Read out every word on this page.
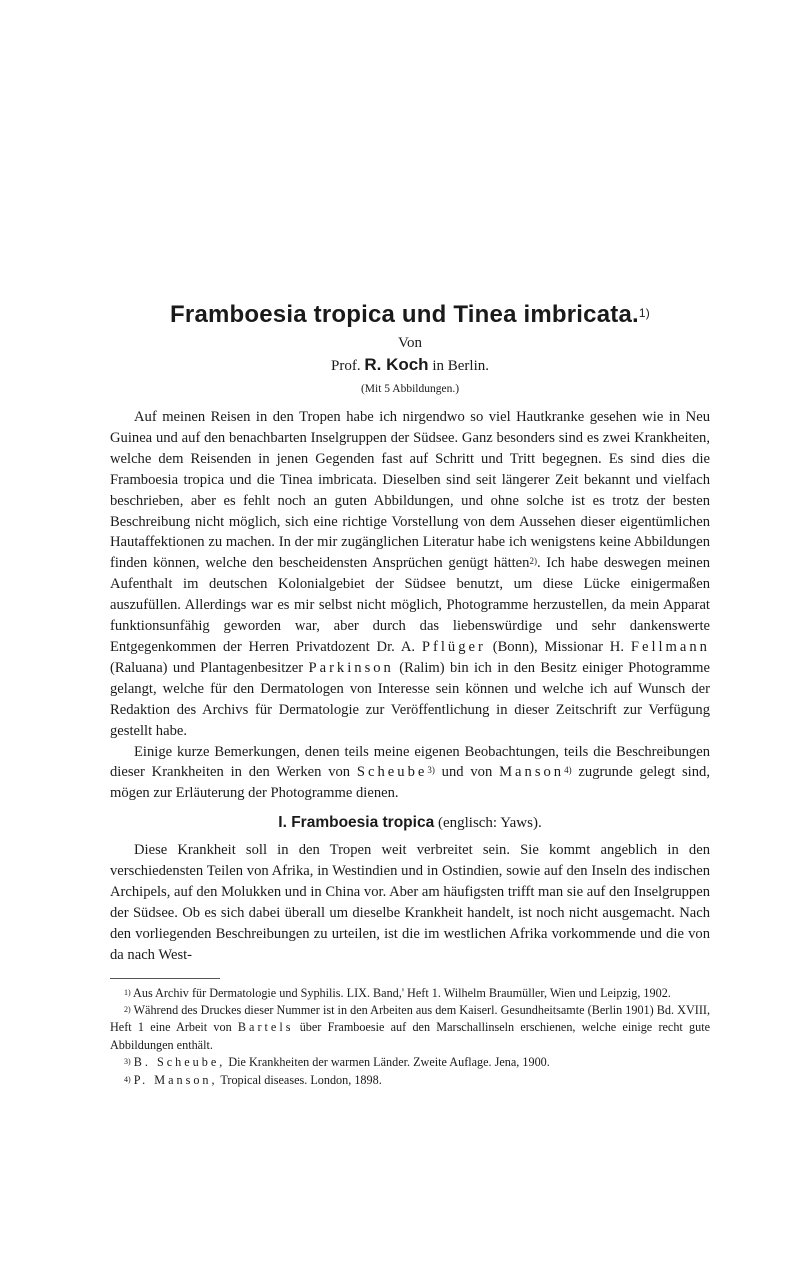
Framboesia tropica und Tinea imbricata.$^{1)}$
Von
Prof. R. Koch in Berlin.
(Mit 5 Abbildungen.)

Auf meinen Reisen in den Tropen habe ich nirgendwo so viel Hautkranke gesehen wie in Neu Guinea und auf den benachbarten Inselgruppen der Südsee. Ganz besonders sind es zwei Krankheiten, welche dem Reisenden in jenen Gegenden fast auf Schritt und Tritt begegnen. Es sind dies die Framboesia tropica und die Tinea imbricata. Dieselben sind seit längerer Zeit bekannt und vielfach beschrieben, aber es fehlt noch an guten Abbildungen, und ohne solche ist es trotz der besten Beschreibung nicht möglich, sich eine richtige Vorstellung von dem Aussehen dieser eigentümlichen Hautaffektionen zu machen. In der mir zugänglichen Literatur habe ich wenigstens keine Abbildungen finden können, welche den bescheidensten Ansprüchen genügt hätten$^{2)}$. Ich habe deswegen meinen Aufenthalt im deutschen Kolonialgebiet der Südsee benutzt, um diese Lücke einigermaßen auszufüllen. Allerdings war es mir selbst nicht möglich, Photogramme herzustellen, da mein Apparat funktionsunfähig geworden war, aber durch das liebenswürdige und sehr dankenswerte Entgegenkommen der Herren Privatdozent Dr. A. Pflüger (Bonn), Missionar H. Fellmann (Raluana) und Plantagenbesitzer Parkinson (Ralim) bin ich in den Besitz einiger Photogramme gelangt, welche für den Dermatologen von Interesse sein können und welche ich auf Wunsch der Redaktion des Archivs für Dermatologie zur Veröffentlichung in dieser Zeitschrift zur Verfügung gestellt habe.

Einige kurze Bemerkungen, denen teils meine eigenen Beobachtungen, teils die Beschreibungen dieser Krankheiten in den Werken von Scheube$^{3)}$ und von Manson$^{4)}$ zugrunde gelegt sind, mögen zur Erläuterung der Photogramme dienen.

I. Framboesia tropica (englisch: Yaws).

Diese Krankheit soll in den Tropen weit verbreitet sein. Sie kommt angeblich in den verschiedensten Teilen von Afrika, in Westindien und in Ostindien, sowie auf den Inseln des indischen Archipels, auf den Molukken und in China vor. Aber am häufigsten trifft man sie auf den Inselgruppen der Südsee. Ob es sich dabei überall um dieselbe Krankheit handelt, ist noch nicht ausgemacht. Nach den vorliegenden Beschreibungen zu urteilen, ist die im westlichen Afrika vorkommende und die von da nach West-

$^{1)}$ Aus Archiv für Dermatologie und Syphilis. LIX. Band,' Heft 1. Wilhelm Braumüller, Wien und Leipzig, 1902.

$^{2)}$ Während des Druckes dieser Nummer ist in den Arbeiten aus dem Kaiserl. Gesundheitsamte (Berlin 1901) Bd. XVIII, Heft 1 eine Arbeit von Bartels über Framboesie auf den Marschallinseln erschienen, welche einige recht gute Abbildungen enthält.

$^{3)}$ B. Scheube, Die Krankheiten der warmen Länder. Zweite Auflage. Jena, 1900.

$^{4)}$ P. Manson, Tropical diseases. London, 1898.
